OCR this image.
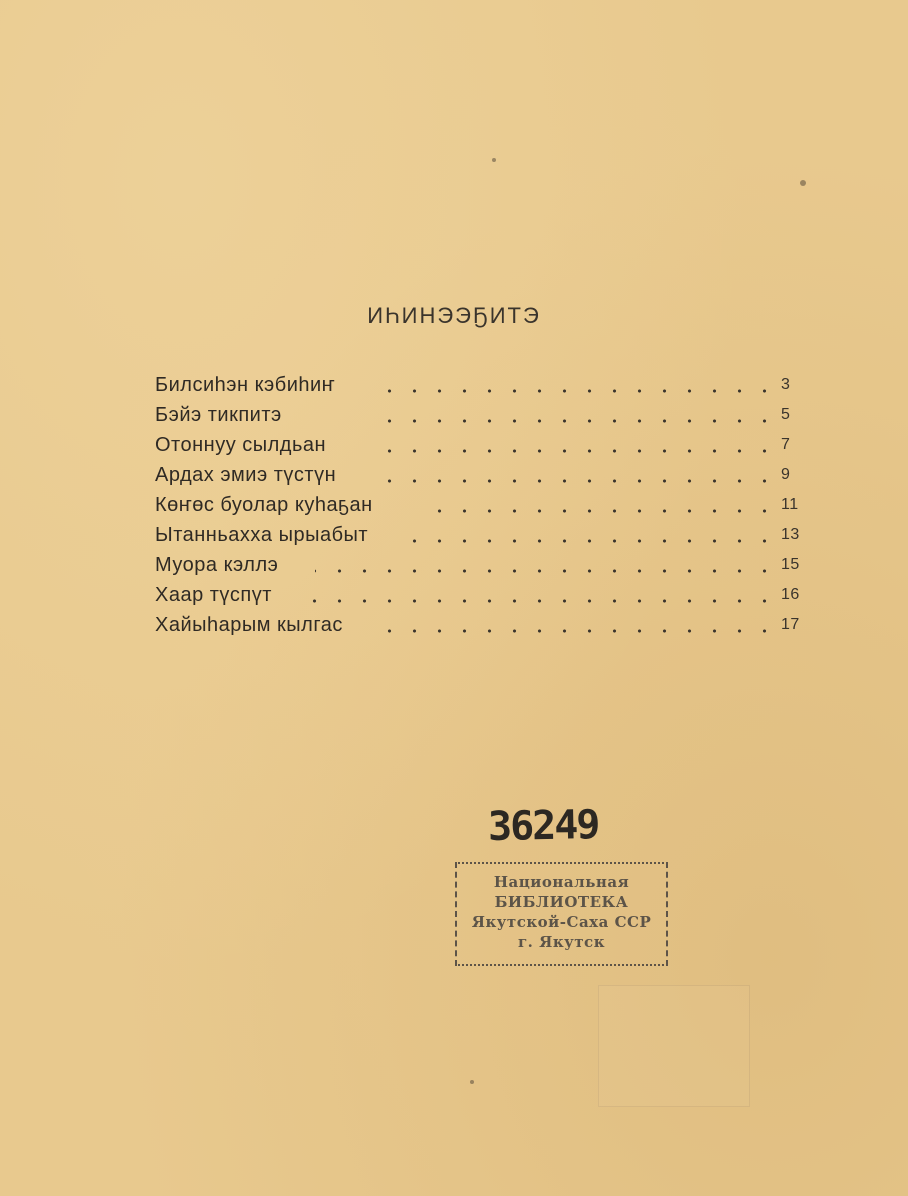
ИҺИНЭЭҔИТЭ
Билсиһэн кэбиһиҥ	3
Бэйэ тикпитэ	5
Отоннуу сылдьан	7
Ардах эмиэ түстүн	9
Көҥөс буолар куһаҕан	11
Ытанньаххa ырыабыт	13
Муора кэллэ	15
Хаар түспүт	16
Хайыһарым кылгас	17
36249
Национальная
БИБЛИОТЕКА
Якутской-Саха ССР
г. Якутск
